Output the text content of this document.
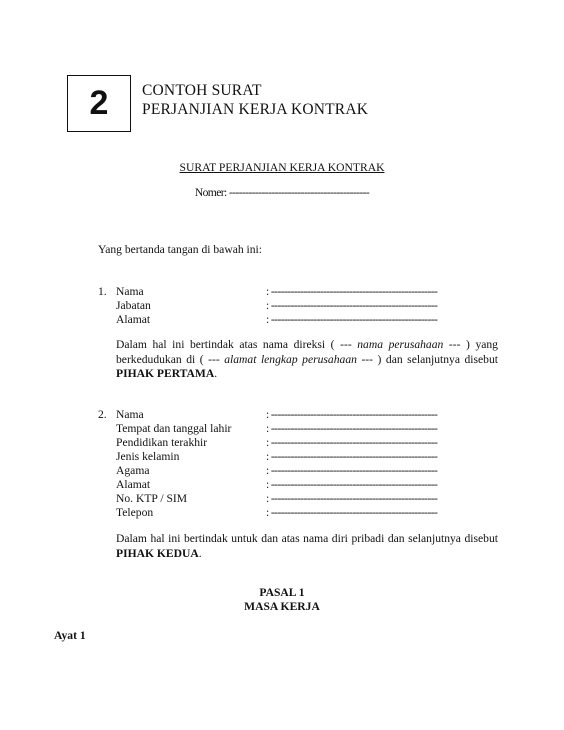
2 CONTOH SURAT
PERJANJIAN KERJA KONTRAK
SURAT PERJANJIAN KERJA KONTRAK
Nomer: -------------------------------------------
Yang bertanda tangan di bawah ini:
1. Nama	: ---------------------------------------------------
Jabatan	: ---------------------------------------------------
Alamat	: ---------------------------------------------------
Dalam hal ini bertindak atas nama direksi ( --- nama perusahaan --- ) yang berkedudukan di ( --- alamat lengkap perusahaan --- ) dan selanjutnya disebut PIHAK PERTAMA.
2. Nama	: ---------------------------------------------------
Tempat dan tanggal lahir	: ---------------------------------------------------
Pendidikan terakhir	: ---------------------------------------------------
Jenis kelamin	: ---------------------------------------------------
Agama	: ---------------------------------------------------
Alamat	: ---------------------------------------------------
No. KTP / SIM	: ---------------------------------------------------
Telepon	: ---------------------------------------------------
Dalam hal ini bertindak untuk dan atas nama diri pribadi dan selanjutnya disebut PIHAK KEDUA.
PASAL 1
MASA KERJA
Ayat 1
